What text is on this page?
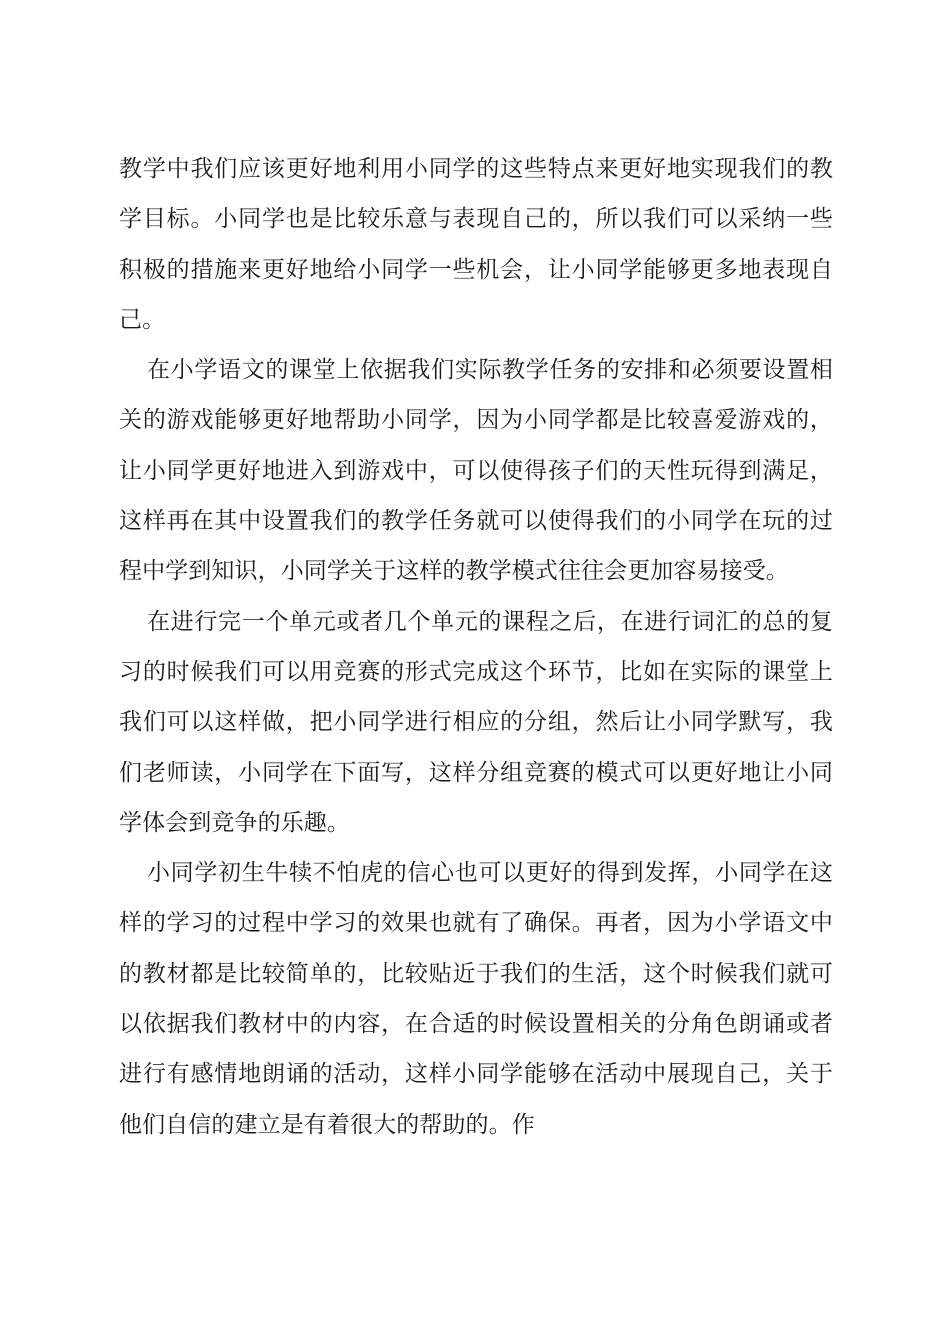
教学中我们应该更好地利用小同学的这些特点来更好地实现我们的教学目标。小同学也是比较乐意与表现自己的，所以我们可以采纳一些积极的措施来更好地给小同学一些机会，让小同学能够更多地表现自己。

在小学语文的课堂上依据我们实际教学任务的安排和必须要设置相关的游戏能够更好地帮助小同学，因为小同学都是比较喜爱游戏的，让小同学更好地进入到游戏中，可以使得孩子们的天性玩得到满足，这样再在其中设置我们的教学任务就可以使得我们的小同学在玩的过程中学到知识，小同学关于这样的教学模式往往会更加容易接受。

在进行完一个单元或者几个单元的课程之后，在进行词汇的总的复习的时候我们可以用竞赛的形式完成这个环节，比如在实际的课堂上我们可以这样做，把小同学进行相应的分组，然后让小同学默写，我们老师读，小同学在下面写，这样分组竞赛的模式可以更好地让小同学体会到竞争的乐趣。

小同学初生牛犊不怕虎的信心也可以更好的得到发挥，小同学在这样的学习的过程中学习的效果也就有了确保。再者，因为小学语文中的教材都是比较简单的，比较贴近于我们的生活，这个时候我们就可以依据我们教材中的内容，在合适的时候设置相关的分角色朗诵或者进行有感情地朗诵的活动，这样小同学能够在活动中展现自己，关于他们自信的建立是有着很大的帮助的。作
